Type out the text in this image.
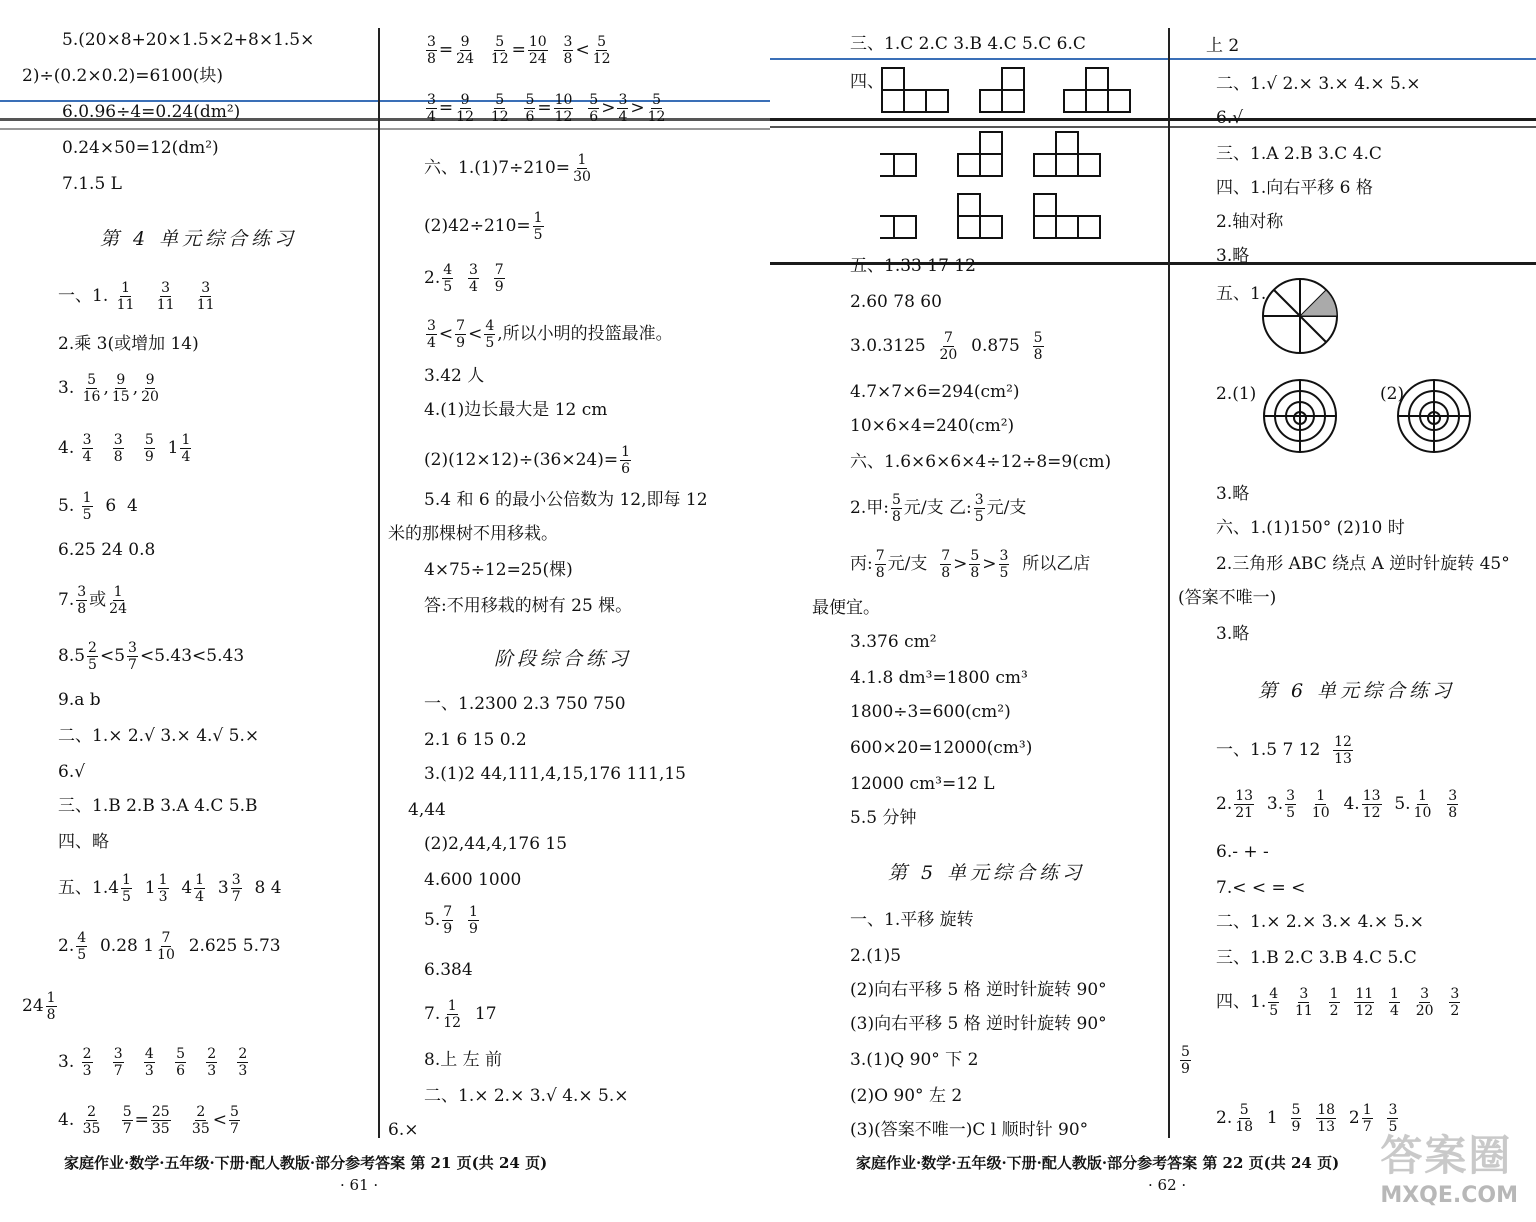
5.(20×8+20×1.5×2+8×1.5×
2)÷(0.2×0.2)=6100(块)
6.0.96÷4=0.24(dm²)
0.24×50=12(dm²)
7.1.5 L
第 4 单元综合练习
一、1. $\frac{1}{11}$
$\frac{3}{11}$
$\frac{3}{11}$
2.乘 3(或增加 14)
3. $\frac{5}{16}$ , $\frac{9}{15}$ , $\frac{9}{20}$
4. $\frac{3}{4}$
$\frac{3}{8}$
$\frac{5}{9} 1 \frac{1}{4}$
5. $\frac{1}{5} 6$  4
6.25 24 0.8
7. $\frac{3}{8}$ 或 $\frac{1}{24}$
$8.5 \frac{2}{5} <5 \frac{3}{7} <5.43<5.43$
9.a b
二、1.× 2.√ 3.× 4.√ 5.×
6.√
三、1.B 2.B 3.A 4.C 5.B
四、略
五、$1.4 \frac{1}{5} 1 \frac{1}{3} 4 \frac{1}{4} 3 \frac{3}{7} 8$ 4
2. $\frac{4}{5} 0.28$ $1 \frac{7}{10} 2.625$ 5.73
$24 \frac{1}{8}$
3. $\frac{2}{3}$
$\frac{3}{7}$
$\frac{4}{3}$
$\frac{5}{6}$
$\frac{2}{3}$
$\frac{2}{3}$
4. $\frac{2}{35}$
$\frac{5}{7} = \frac{25}{35}$
$\frac{2}{35} < \frac{5}{7}$
$\frac{3}{8} = \frac{9}{24}$
$\frac{5}{12} = \frac{10}{24}$
$\frac{3}{8} < \frac{5}{12}$
$\frac{3}{4} = \frac{9}{12}$
$\frac{5}{12}$
$\frac{5}{6} = \frac{10}{12}$
$\frac{5}{6} > \frac{3}{4} > \frac{5}{12}$
六、$1.(1)7\div 210= \frac{1}{30}$
$(2)42\div 210= \frac{1}{5}$
2. $\frac{4}{5}$
$\frac{3}{4}$
$\frac{7}{9}$
$\frac{3}{4} < \frac{7}{9} < \frac{4}{5}$ ,所以小明的投篮最准。
3.42 人
4.(1)边长最大是 12 cm
$(2)(12\times 12)\div(36\times 24)= \frac{1}{6}$
5.4 和 6 的最小公倍数为 12,即每 12
米的那棵树不用移栽。
4×75÷12=25(棵)
答:不用移栽的树有 25 棵。
阶段综合练习
一、1.2300 2.3 750 750
2.1 6 15 0.2
3.(1)2 44,111,4,15,176 111,15
4,44
(2)2,44,4,176 15
4.600 1000
5. $\frac{7}{9}$
$\frac{1}{9}$
6.384
7. $\frac{1}{12} 17$
8.上 左 前
二、1.× 2.× 3.√ 4.× 5.×
6.×
家庭作业·数学·五年级·下册·配人教版·部分参考答案 第 21 页(共 24 页)
· 61 ·
三、1.C 2.C 3.B 4.C 5.C 6.C
四、
五、1.33 17 12
2.60 78 60
$3.0.3125 \frac{7}{20} 0.875 \frac{5}{8}$
4.7×7×6=294(cm²)
10×6×4=240(cm²)
六、1.6×6×6×4÷12÷8=9(cm)
2.甲: $\frac{5}{8}$ 元/支 乙: $\frac{3}{5}$ 元/支
丙: $\frac{7}{8}$ 元/支 $\frac{7}{8} > \frac{5}{8} > \frac{3}{5}$ 所以乙店
最便宜。
3.376 cm²
4.1.8 dm³=1800 cm³
1800÷3=600(cm²)
600×20=12000(cm³)
12000 cm³=12 L
5.5 分钟
第 5 单元综合练习
一、1.平移 旋转
2.(1)5
(2)向右平移 5 格 逆时针旋转 90°
(3)向右平移 5 格 逆时针旋转 90°
3.(1)Q 90° 下 2
(2)O 90° 左 2
(3)(答案不唯一)C l 顺时针 90°
上 2
二、1.√ 2.× 3.× 4.× 5.×
6.√
三、1.A 2.B 3.C 4.C
四、1.向右平移 6 格
2.轴对称
3.略
五、1.
2.(1)	(2)
3.略
六、1.(1)150° (2)10 时
2.三角形 ABC 绕点 A 逆时针旋转 45°
(答案不唯一)
3.略
第 6 单元综合练习
一、1.5 7 $12 \frac{12}{13}$
2. $\frac{13}{21} 3$. $\frac{3}{5}$
$\frac{1}{10} 4$. $\frac{13}{12} 5$. $\frac{1}{10}$
$\frac{3}{8}$
6.- + -
7.< < = <
二、1.× 2.× 3.× 4.× 5.×
三、1.B 2.C 3.B 4.C 5.C
四、1. $\frac{4}{5}$
$\frac{3}{11}$
$\frac{1}{2}$
$\frac{11}{12}$
$\frac{1}{4}$
$\frac{3}{20}$
$\frac{3}{2}$
$\frac{5}{9}$
2. $\frac{5}{18} 1 \frac{5}{9}$
$\frac{18}{13} 2 \frac{1}{7}$
$\frac{3}{5}$
家庭作业·数学·五年级·下册·配人教版·部分参考答案 第 22 页(共 24 页)
· 62 ·
答案圈
MXQE.COM
